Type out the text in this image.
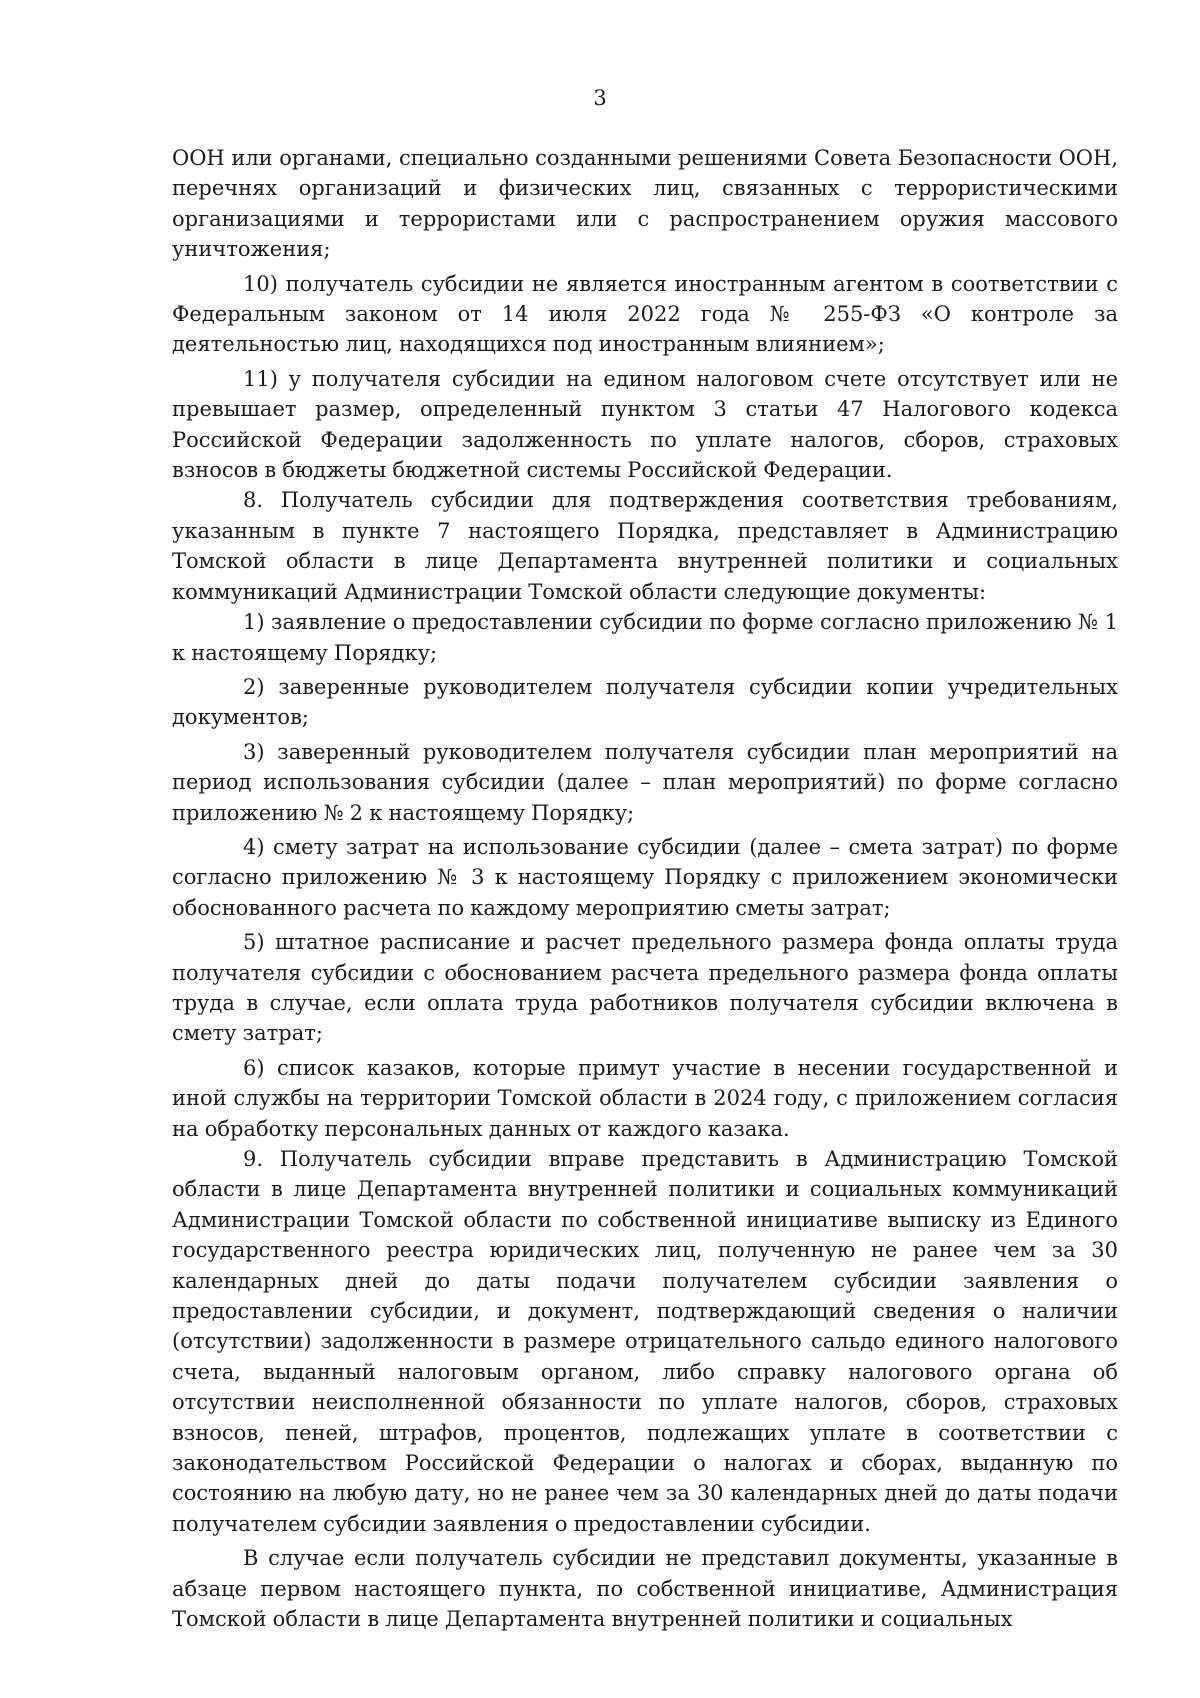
3

ООН или органами, специально созданными решениями Совета Безопасности ООН, перечнях организаций и физических лиц, связанных с террористическими организациями и террористами или с распространением оружия массового уничтожения;

10) получатель субсидии не является иностранным агентом в соответствии с Федеральным законом от 14 июля 2022 года № 255-ФЗ «О контроле за деятельностью лиц, находящихся под иностранным влиянием»;

11) у получателя субсидии на едином налоговом счете отсутствует или не превышает размер, определенный пунктом 3 статьи 47 Налогового кодекса Российской Федерации задолженность по уплате налогов, сборов, страховых взносов в бюджеты бюджетной системы Российской Федерации.

8. Получатель субсидии для подтверждения соответствия требованиям, указанным в пункте 7 настоящего Порядка, представляет в Администрацию Томской области в лице Департамента внутренней политики и социальных коммуникаций Администрации Томской области следующие документы:

1) заявление о предоставлении субсидии по форме согласно приложению № 1 к настоящему Порядку;

2) заверенные руководителем получателя субсидии копии учредительных документов;

3) заверенный руководителем получателя субсидии план мероприятий на период использования субсидии (далее – план мероприятий) по форме согласно приложению № 2 к настоящему Порядку;

4) смету затрат на использование субсидии (далее – смета затрат) по форме согласно приложению № 3 к настоящему Порядку с приложением экономически обоснованного расчета по каждому мероприятию сметы затрат;

5) штатное расписание и расчет предельного размера фонда оплаты труда получателя субсидии с обоснованием расчета предельного размера фонда оплаты труда в случае, если оплата труда работников получателя субсидии включена в смету затрат;

6) список казаков, которые примут участие в несении государственной и иной службы на территории Томской области в 2024 году, с приложением согласия на обработку персональных данных от каждого казака.

9. Получатель субсидии вправе представить в Администрацию Томской области в лице Департамента внутренней политики и социальных коммуникаций Администрации Томской области по собственной инициативе выписку из Единого государственного реестра юридических лиц, полученную не ранее чем за 30 календарных дней до даты подачи получателем субсидии заявления о предоставлении субсидии, и документ, подтверждающий сведения о наличии (отсутствии) задолженности в размере отрицательного сальдо единого налогового счета, выданный налоговым органом, либо справку налогового органа об отсутствии неисполненной обязанности по уплате налогов, сборов, страховых взносов, пеней, штрафов, процентов, подлежащих уплате в соответствии с законодательством Российской Федерации о налогах и сборах, выданную по состоянию на любую дату, но не ранее чем за 30 календарных дней до даты подачи получателем субсидии заявления о предоставлении субсидии.

В случае если получатель субсидии не представил документы, указанные в абзаце первом настоящего пункта, по собственной инициативе, Администрация Томской области в лице Департамента внутренней политики и социальных
